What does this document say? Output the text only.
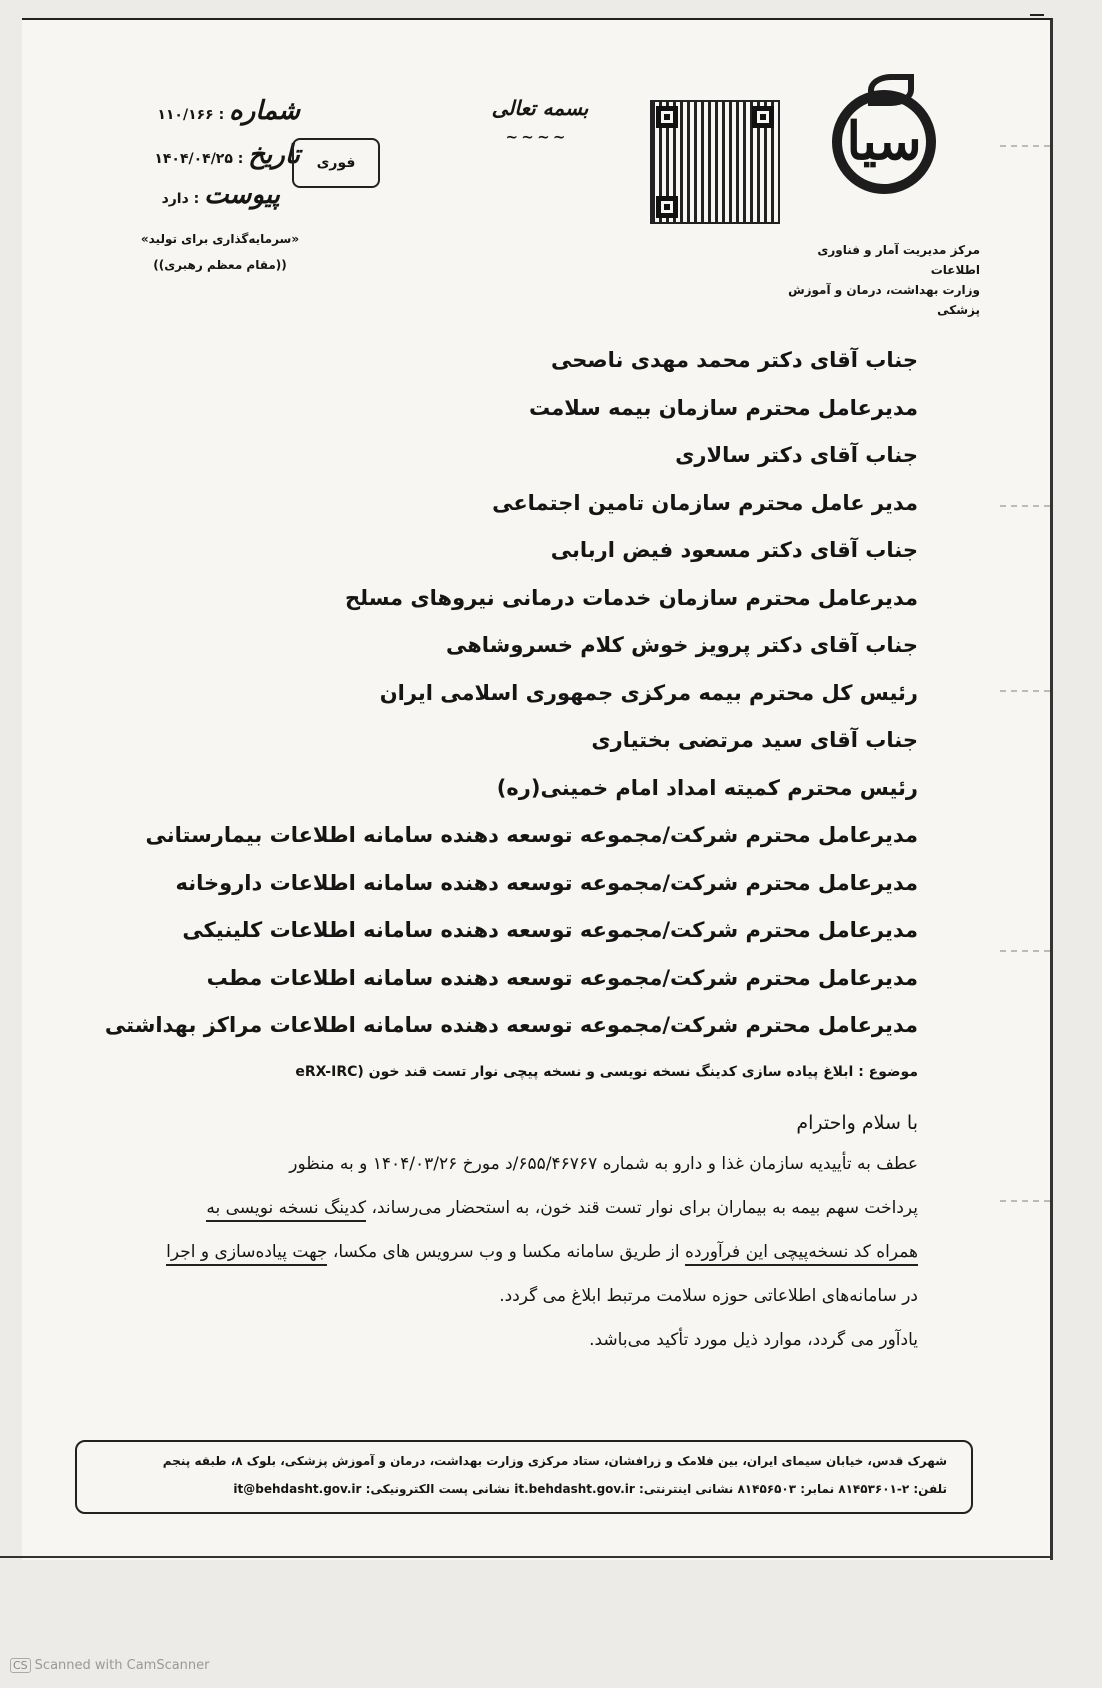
سیا
مرکز مدیریت آمار و فناوری اطلاعات
وزارت بهداشت، درمان و آموزش پزشکی
بسمه تعالی
~ ~ ~ ~
شماره : ۱۱۰/۱۶۶
تاریخ : ۱۴۰۴/۰۴/۲۵
پیوست : دارد
فوری
«سرمایه‌گذاری برای تولید»
((مقام معظم رهبری))
جناب آقای دکتر محمد مهدی ناصحی
مدیرعامل محترم سازمان بیمه سلامت
جناب آقای دکتر سالاری
مدیر عامل محترم سازمان تامین اجتماعی
جناب آقای دکتر مسعود فیض اربابی
مدیرعامل محترم سازمان خدمات درمانی نیروهای مسلح
جناب آقای دکتر پرویز خوش کلام خسروشاهی
رئیس کل محترم بیمه مرکزی جمهوری اسلامی ایران
جناب آقای سید مرتضی بختیاری
رئیس محترم کمیته امداد امام خمینی(ره)
مدیرعامل محترم شرکت/مجموعه توسعه دهنده سامانه اطلاعات بیمارستانی
مدیرعامل محترم شرکت/مجموعه توسعه دهنده سامانه اطلاعات داروخانه
مدیرعامل محترم شرکت/مجموعه توسعه دهنده سامانه اطلاعات کلینیکی
مدیرعامل محترم شرکت/مجموعه توسعه دهنده سامانه اطلاعات مطب
مدیرعامل محترم شرکت/مجموعه توسعه دهنده سامانه اطلاعات مراکز بهداشتی
موضوع : ابلاغ پیاده سازی کدینگ نسخه نویسی و نسخه پیچی نوار تست قند خون (eRX-IRC
با سلام واحترام
عطف به تأییدیه سازمان غذا و دارو به شماره ۶۵۵/۴۶۷۶۷/د مورخ ۱۴۰۴/۰۳/۲۶ و به منظور
پرداخت سهم بیمه به بیماران برای نوار تست قند خون، به استحضار می‌رساند، کدینگ نسخه نویسی به
همراه کد نسخه‌پیچی این فرآورده از طریق سامانه مکسا و وب سرویس های مکسا، جهت پیاده‌سازی و اجرا
در سامانه‌های اطلاعاتی حوزه سلامت مرتبط ابلاغ می گردد.
یادآور می گردد، موارد ذیل مورد تأکید می‌باشد.
شهرک قدس، خیابان سیمای ایران، بین فلامک و زرافشان، ستاد مرکزی وزارت بهداشت، درمان و آموزش پزشکی، بلوک ۸، طبقه پنجم
تلفن: ۲-۸۱۴۵۳۶۰۱ نمابر: ۸۱۴۵۶۵۰۳ نشانی اینترنتی: it.behdasht.gov.ir نشانی پست الکترونیکی: it@behdasht.gov.ir
CS Scanned with CamScanner
